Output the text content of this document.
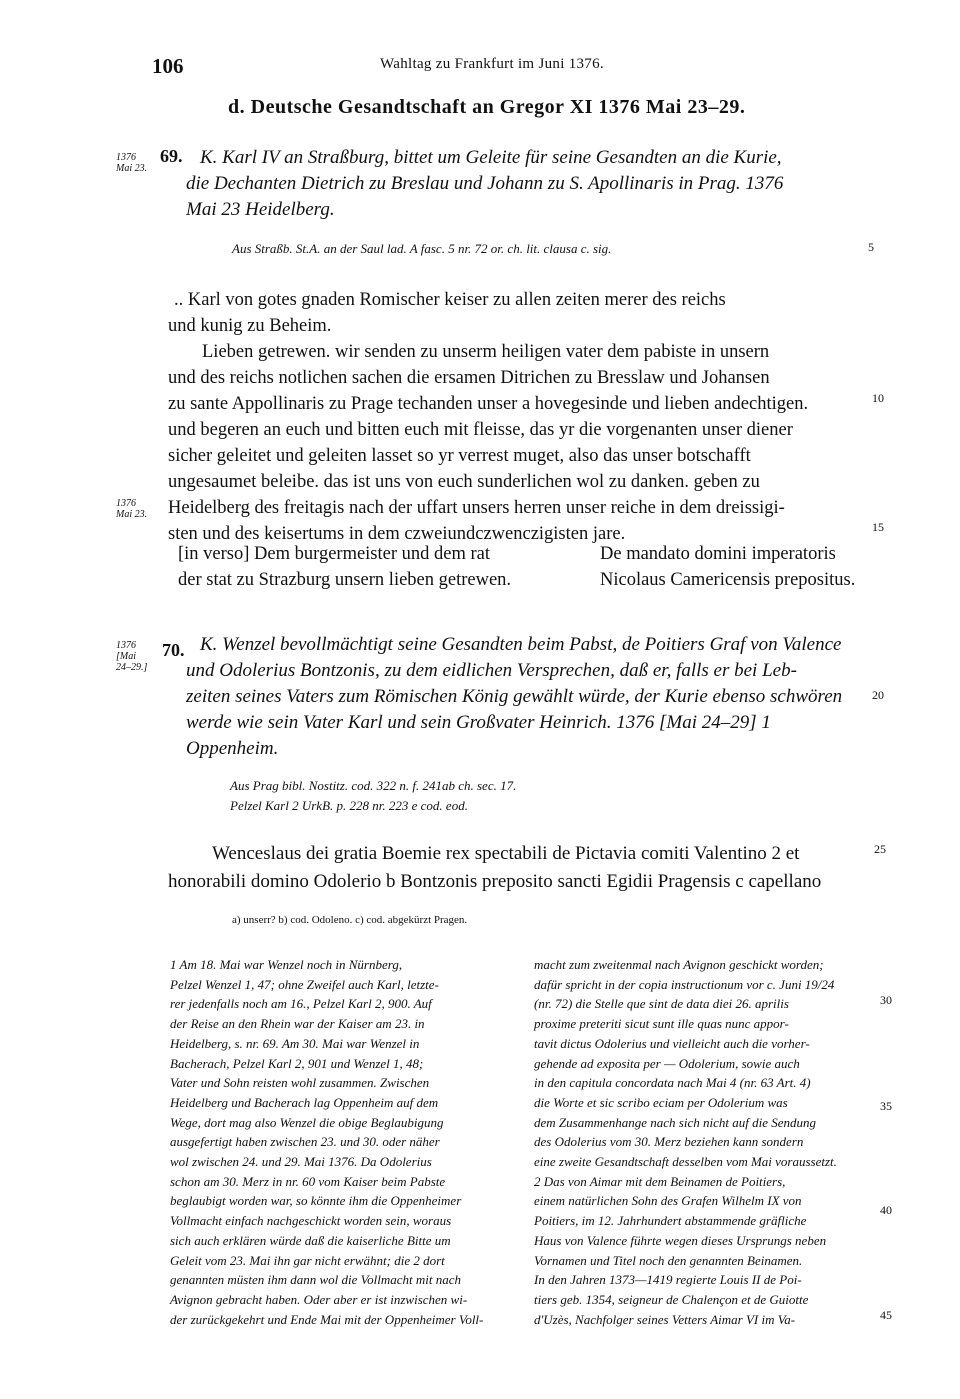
106	Wahltag zu Frankfurt im Juni 1376.
d. Deutsche Gesandtschaft an Gregor XI 1376 Mai 23–29.
1376
Mai 23.
69. K. Karl IV an Straßburg, bittet um Geleite für seine Gesandten an die Kurie,
die Dechanten Dietrich zu Breslau und Johann zu S. Apollinaris in Prag. 1376
Mai 23 Heidelberg.
Aus Straßb. St.A. an der Saul lad. A fasc. 5 nr. 72 or. ch. lit. clausa c. sig.	5
.. Karl von gotes gnaden Romischer keiser zu allen zeiten merer des reichs
und kunig zu Beheim.
Lieben getrewen. wir senden zu unserm heiligen vater dem pabiste in unsern
und des reichs notlichen sachen die ersamen Ditrichen zu Bresslaw und Johansen
zu sante Appollinaris zu Prage techanden unser a hovegesinde und lieben andechtigen.
und begeren an euch und bitten euch mit fleisse, das yr die vorgenanten unser diener
sicher geleitet und geleiten lasset so yr verrest muget, also das unser botschafft
ungesaumet beleibe. das ist uns von euch sunderlichen wol zu danken. geben zu
Heidelberg des freitagis nach der uffart unsers herren unser reiche in dem dreissigi-
sten und des keisertums in dem czweiundczwenczigisten jare.
10
15
1376
Mai 23.
[in verso] Dem burgermeister und dem rat
der stat zu Strazburg unsern lieben getrewen.
De mandato domini imperatoris
Nicolaus Camericensis prepositus.
1376
[Mai
24–29.]
70. K. Wenzel bevollmächtigt seine Gesandten beim Pabst, de Poitiers Graf von Valence
und Odolerius Bontzonis, zu dem eidlichen Versprechen, daß er, falls er bei Leb-
zeiten seines Vaters zum Römischen König gewählt würde, der Kurie ebenso schwören
werde wie sein Vater Karl und sein Großvater Heinrich. 1376 [Mai 24–29] 1
Oppenheim.
20
Aus Prag bibl. Nostitz. cod. 322 n. f. 241ab ch. sec. 17.
Pelzel Karl 2 UrkB. p. 228 nr. 223 e cod. eod.
Wenceslaus dei gratia Boemie rex spectabili de Pictavia comiti Valentino 2 et
honorabili domino Odolerio b Bontzonis preposito sancti Egidii Pragensis c capellano
25
a) unserr? b) cod. Odoleno. c) cod. abgekürzt Pragen.
1 Am 18. Mai war Wenzel noch in Nürnberg,
Pelzel Wenzel 1, 47; ohne Zweifel auch Karl, letzte-
rer jedenfalls noch am 16., Pelzel Karl 2, 900. Auf
der Reise an den Rhein war der Kaiser am 23. in
Heidelberg, s. nr. 69. Am 30. Mai war Wenzel in
Bacherach, Pelzel Karl 2, 901 und Wenzel 1, 48;
Vater und Sohn reisten wohl zusammen. Zwischen
Heidelberg und Bacherach lag Oppenheim auf dem
Wege, dort mag also Wenzel die obige Beglaubigung
ausgefertigt haben zwischen 23. und 30. oder näher
wol zwischen 24. und 29. Mai 1376. Da Odolerius
schon am 30. Merz in nr. 60 vom Kaiser beim Pabste
beglaubigt worden war, so könnte ihm die Oppenheimer
Vollmacht einfach nachgeschickt worden sein, woraus
sich auch erklären würde daß die kaiserliche Bitte um
Geleit vom 23. Mai ihn gar nicht erwähnt; die 2 dort
genannten müsten ihm dann wol die Vollmacht mit nach
Avignon gebracht haben. Oder aber er ist inzwischen wi-
der zurückgekehrt und Ende Mai mit der Oppenheimer Voll-
macht zum zweitenmal nach Avignon geschickt worden;
dafür spricht in der copia instructionum vor c. Juni 19/24
(nr. 72) die Stelle que sint de data diei 26. aprilis
proxime preteriti sicut sunt ille quas nunc appor-
tavit dictus Odolerius und vielleicht auch die vorher-
gehende ad exposita per — Odolerium, sowie auch
in den capitula concordata nach Mai 4 (nr. 63 Art. 4)
die Worte et sic scribo eciam per Odolerium was
dem Zusammenhange nach sich nicht auf die Sendung
des Odolerius vom 30. Merz beziehen kann sondern
eine zweite Gesandtschaft desselben vom Mai voraussetzt.
2 Das von Aimar mit dem Beinamen de Poitiers,
einem natürlichen Sohn des Grafen Wilhelm IX von
Poitiers, im 12. Jahrhundert abstammende gräfliche
Haus von Valence führte wegen dieses Ursprungs neben
Vornamen und Titel noch den genannten Beinamen.
In den Jahren 1373—1419 regierte Louis II de Poi-
tiers geb. 1354, seigneur de Chalençon et de Guiotte
d'Uzès, Nachfolger seines Vetters Aimar VI im Va-
30
35
40
45
